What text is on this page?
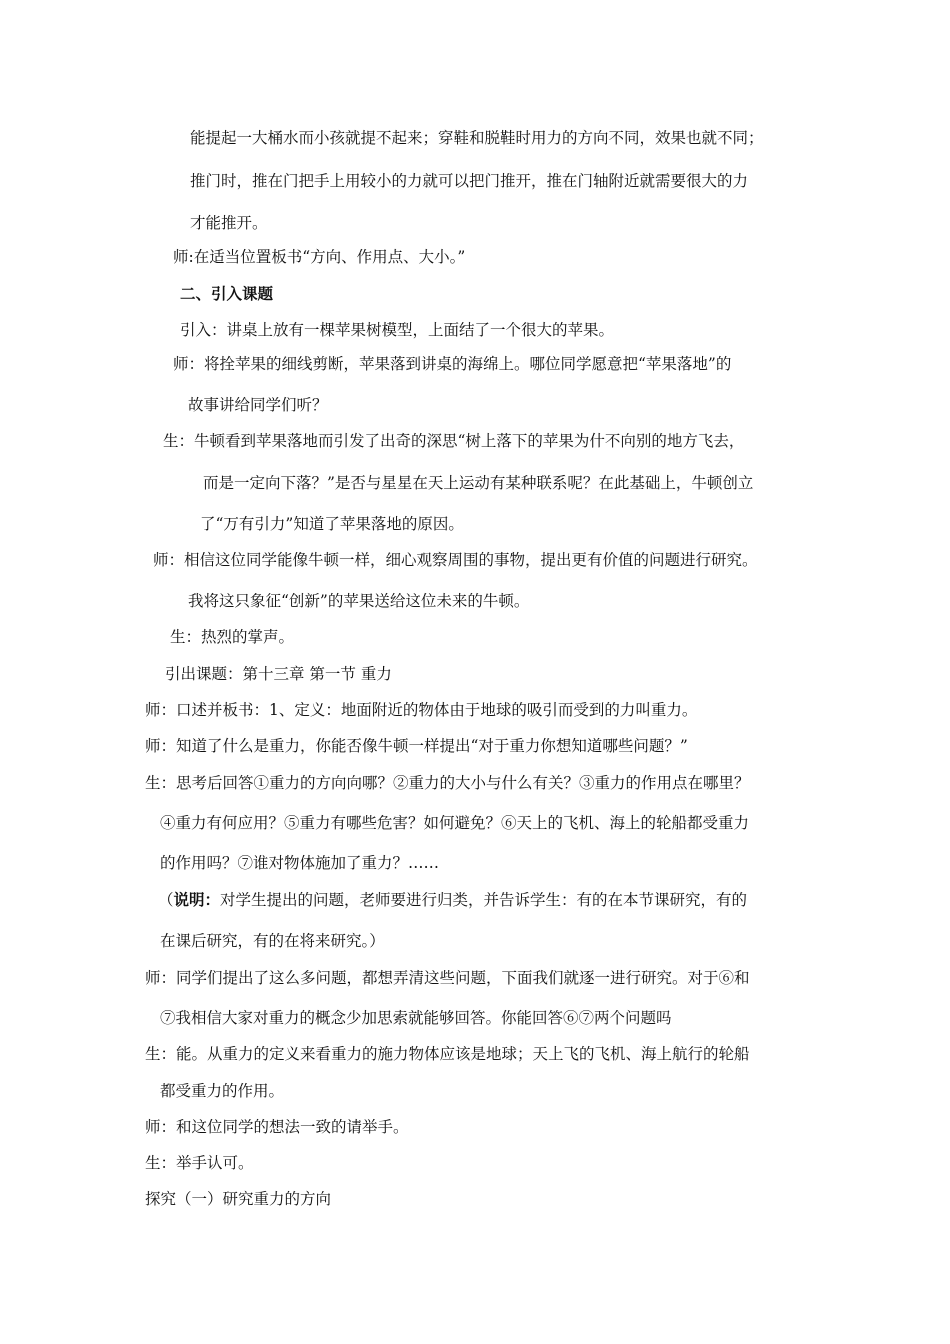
能提起一大桶水而小孩就提不起来；穿鞋和脱鞋时用力的方向不同，效果也就不同；
推门时，推在门把手上用较小的力就可以把门推开，推在门轴附近就需要很大的力
才能推开。
师:在适当位置板书“方向、作用点、大小。”
二、引入课题
引入：讲桌上放有一棵苹果树模型，上面结了一个很大的苹果。
师：将拴苹果的细线剪断，苹果落到讲桌的海绵上。哪位同学愿意把“苹果落地”的
故事讲给同学们听？
生：牛顿看到苹果落地而引发了出奇的深思“树上落下的苹果为什不向别的地方飞去，
而是一定向下落？”是否与星星在天上运动有某种联系呢？在此基础上，牛顿创立
了“万有引力”知道了苹果落地的原因。
师：相信这位同学能像牛顿一样，细心观察周围的事物，提出更有价值的问题进行研究。
我将这只象征“创新”的苹果送给这位未来的牛顿。
生：热烈的掌声。
引出课题：第十三章 第一节 重力
师：口述并板书：1、定义：地面附近的物体由于地球的吸引而受到的力叫重力。
师：知道了什么是重力，你能否像牛顿一样提出“对于重力你想知道哪些问题？”
生：思考后回答①重力的方向向哪？②重力的大小与什么有关？③重力的作用点在哪里？
④重力有何应用？⑤重力有哪些危害？如何避免？⑥天上的飞机、海上的轮船都受重力
的作用吗？⑦谁对物体施加了重力？……
（说明：对学生提出的问题，老师要进行归类，并告诉学生：有的在本节课研究，有的
在课后研究，有的在将来研究。）
师：同学们提出了这么多问题，都想弄清这些问题，下面我们就逐一进行研究。对于⑥和
⑦我相信大家对重力的概念少加思索就能够回答。你能回答⑥⑦两个问题吗
生：能。从重力的定义来看重力的施力物体应该是地球；天上飞的飞机、海上航行的轮船
都受重力的作用。
师：和这位同学的想法一致的请举手。
生：举手认可。
探究（一）研究重力的方向
